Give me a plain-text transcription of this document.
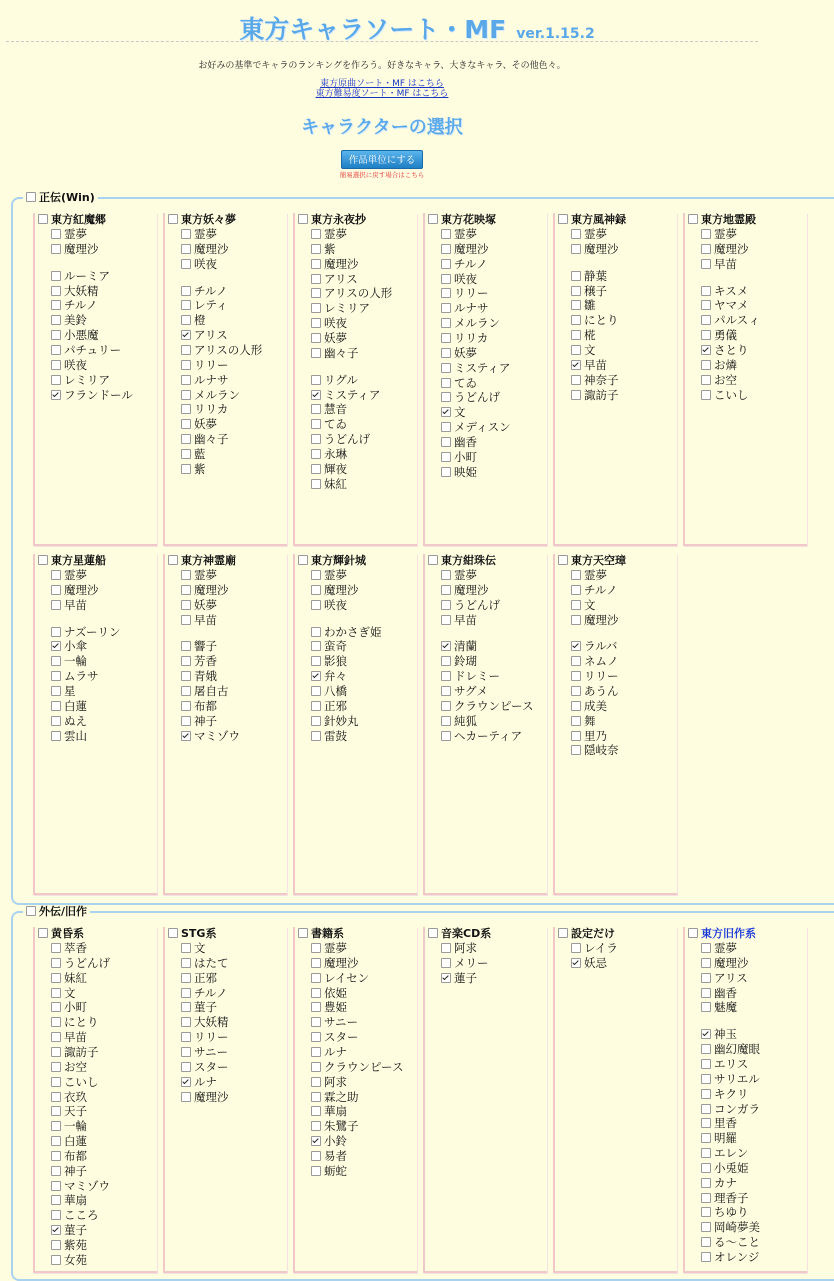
東方キャラソート・MF ver.1.15.2
お好みの基準でキャラのランキングを作ろう。好きなキャラ、大きなキャラ、その他色々。
東方原曲ソート・MF はこちら
東方難易度ソート・MF はこちら
キャラクターの選択
作品単位にする
簡易選択に戻す場合はこちら
正伝(Win)
東方紅魔郷
霊夢
魔理沙
ルーミア
大妖精
チルノ
美鈴
小悪魔
パチュリー
咲夜
レミリア
フランドール
東方妖々夢
霊夢
魔理沙
咲夜
チルノ
レティ
橙
アリス
アリスの人形
リリー
ルナサ
メルラン
リリカ
妖夢
幽々子
藍
紫
東方永夜抄
霊夢
紫
魔理沙
アリス
アリスの人形
レミリア
咲夜
妖夢
幽々子
リグル
ミスティア
慧音
てゐ
うどんげ
永琳
輝夜
妹紅
東方花映塚
霊夢
魔理沙
チルノ
咲夜
リリー
ルナサ
メルラン
リリカ
妖夢
ミスティア
てゐ
うどんげ
文
メディスン
幽香
小町
映姫
東方風神録
霊夢
魔理沙
静葉
穣子
雛
にとり
椛
文
早苗
神奈子
諏訪子
東方地霊殿
霊夢
魔理沙
早苗
キスメ
ヤマメ
パルスィ
勇儀
さとり
お燐
お空
こいし
東方星蓮船
霊夢
魔理沙
早苗
ナズーリン
小傘
一輪
ムラサ
星
白蓮
ぬえ
雲山
東方神霊廟
霊夢
魔理沙
妖夢
早苗
響子
芳香
青娥
屠自古
布都
神子
マミゾウ
東方輝針城
霊夢
魔理沙
咲夜
わかさぎ姫
蛮奇
影狼
弁々
八橋
正邪
針妙丸
雷鼓
東方紺珠伝
霊夢
魔理沙
うどんげ
早苗
清蘭
鈴瑚
ドレミー
サグメ
クラウンピース
純狐
ヘカーティア
東方天空璋
霊夢
チルノ
文
魔理沙
ラルバ
ネムノ
リリー
あうん
成美
舞
里乃
隠岐奈
外伝/旧作
黄昏系
萃香
うどんげ
妹紅
文
小町
にとり
早苗
諏訪子
お空
こいし
衣玖
天子
一輪
白蓮
布都
神子
マミゾウ
華扇
こころ
菫子
紫苑
女苑
STG系
文
はたて
正邪
チルノ
菫子
大妖精
リリー
サニー
スター
ルナ
魔理沙
書籍系
霊夢
魔理沙
レイセン
依姫
豊姫
サニー
スター
ルナ
クラウンピース
阿求
霖之助
華扇
朱鷺子
小鈴
易者
蛎蛇
音楽CD系
阿求
メリー
蓮子
設定だけ
レイラ
妖忌
東方旧作系
霊夢
魔理沙
アリス
幽香
魅魔
神玉
幽幻魔眼
エリス
サリエル
キクリ
コンガラ
里香
明羅
エレン
小兎姫
カナ
理香子
ちゆり
岡崎夢美
る～こと
オレンジ
